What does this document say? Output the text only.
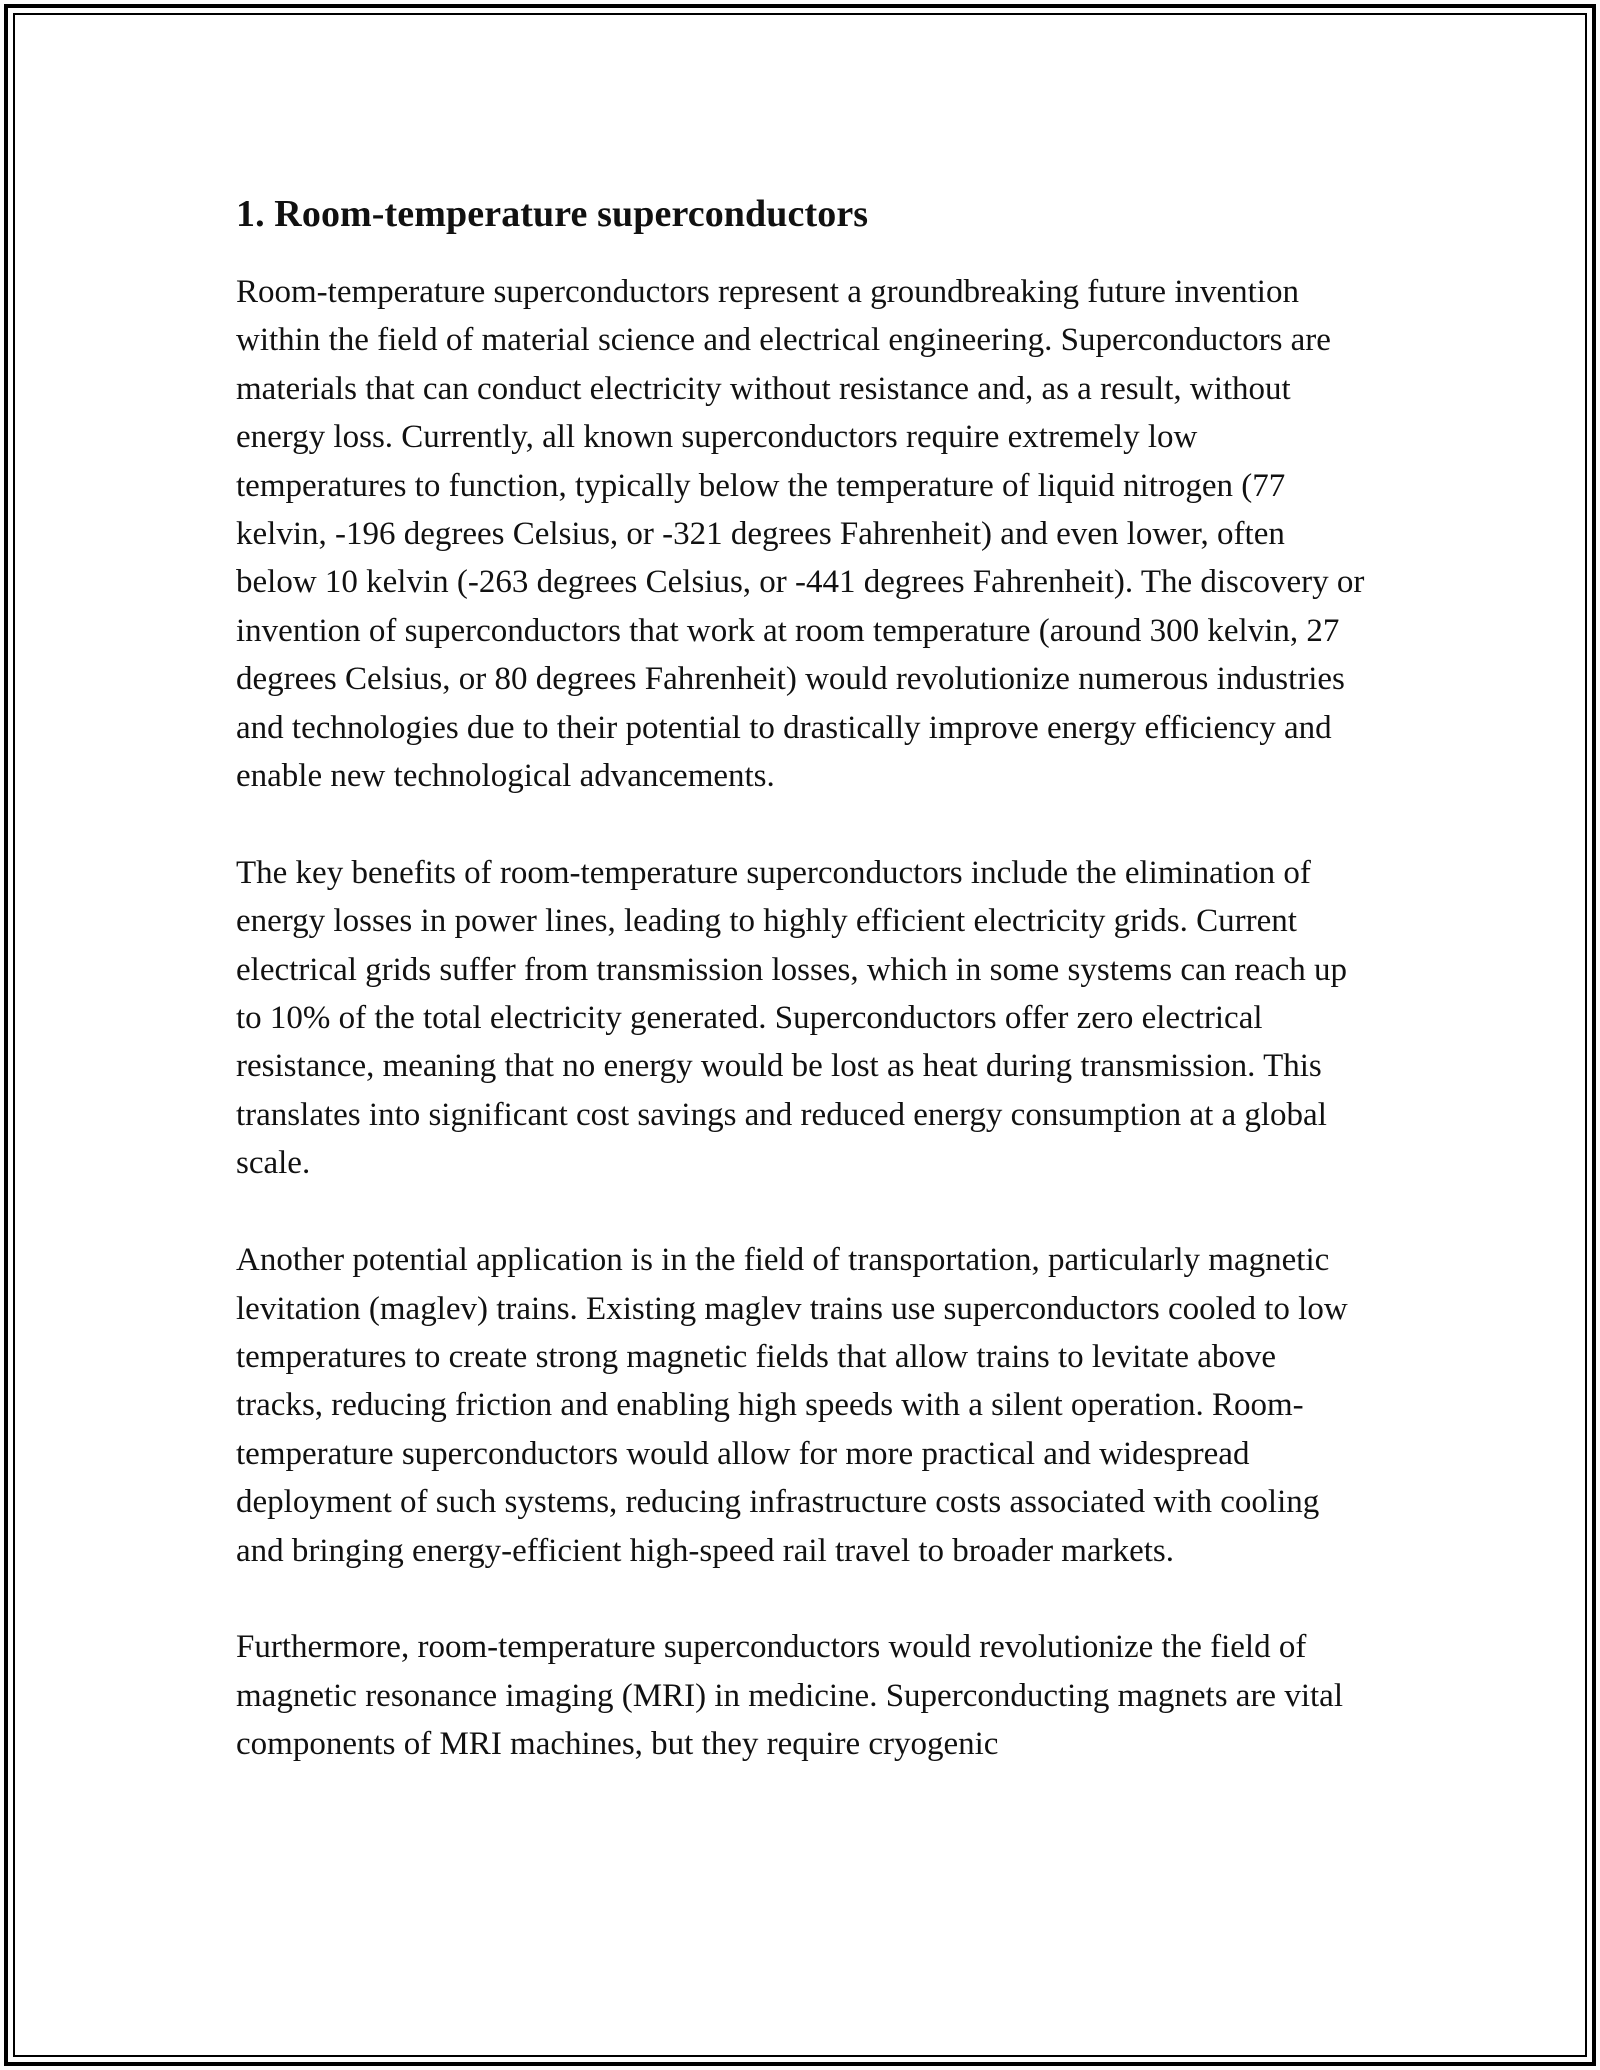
1. Room-temperature superconductors

Room-temperature superconductors represent a groundbreaking future invention within the field of material science and electrical engineering. Superconductors are materials that can conduct electricity without resistance and, as a result, without energy loss. Currently, all known superconductors require extremely low temperatures to function, typically below the temperature of liquid nitrogen (77 kelvin, -196 degrees Celsius, or -321 degrees Fahrenheit) and even lower, often below 10 kelvin (-263 degrees Celsius, or -441 degrees Fahrenheit). The discovery or invention of superconductors that work at room temperature (around 300 kelvin, 27 degrees Celsius, or 80 degrees Fahrenheit) would revolutionize numerous industries and technologies due to their potential to drastically improve energy efficiency and enable new technological advancements.

The key benefits of room-temperature superconductors include the elimination of energy losses in power lines, leading to highly efficient electricity grids. Current electrical grids suffer from transmission losses, which in some systems can reach up to 10% of the total electricity generated. Superconductors offer zero electrical resistance, meaning that no energy would be lost as heat during transmission. This translates into significant cost savings and reduced energy consumption at a global scale.

Another potential application is in the field of transportation, particularly magnetic levitation (maglev) trains. Existing maglev trains use superconductors cooled to low temperatures to create strong magnetic fields that allow trains to levitate above tracks, reducing friction and enabling high speeds with a silent operation. Room-temperature superconductors would allow for more practical and widespread deployment of such systems, reducing infrastructure costs associated with cooling and bringing energy-efficient high-speed rail travel to broader markets.

Furthermore, room-temperature superconductors would revolutionize the field of magnetic resonance imaging (MRI) in medicine. Superconducting magnets are vital components of MRI machines, but they require cryogenic
